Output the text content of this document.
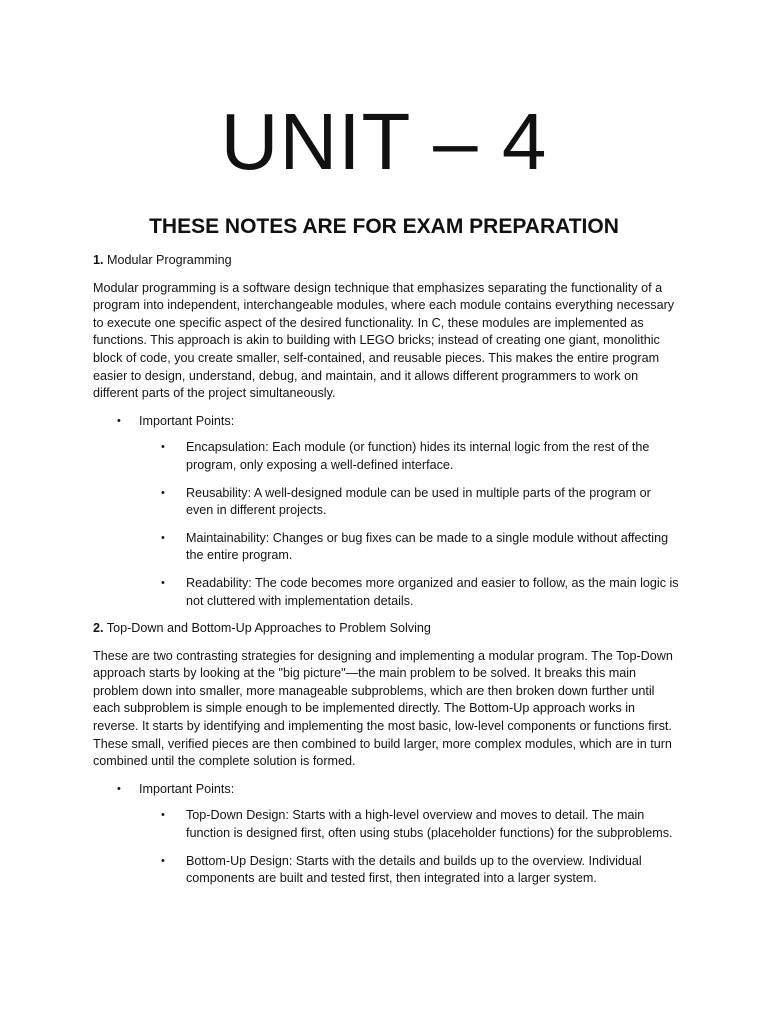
UNIT – 4
THESE NOTES ARE FOR EXAM PREPARATION

1. Modular Programming

Modular programming is a software design technique that emphasizes separating the functionality of a program into independent, interchangeable modules, where each module contains everything necessary to execute one specific aspect of the desired functionality. In C, these modules are implemented as functions. This approach is akin to building with LEGO bricks; instead of creating one giant, monolithic block of code, you create smaller, self-contained, and reusable pieces. This makes the entire program easier to design, understand, debug, and maintain, and it allows different programmers to work on different parts of the project simultaneously.

• Important Points:
• Encapsulation: Each module (or function) hides its internal logic from the rest of the program, only exposing a well-defined interface.
• Reusability: A well-designed module can be used in multiple parts of the program or even in different projects.
• Maintainability: Changes or bug fixes can be made to a single module without affecting the entire program.
• Readability: The code becomes more organized and easier to follow, as the main logic is not cluttered with implementation details.

2. Top-Down and Bottom-Up Approaches to Problem Solving

These are two contrasting strategies for designing and implementing a modular program. The Top-Down approach starts by looking at the "big picture"—the main problem to be solved. It breaks this main problem down into smaller, more manageable subproblems, which are then broken down further until each subproblem is simple enough to be implemented directly. The Bottom-Up approach works in reverse. It starts by identifying and implementing the most basic, low-level components or functions first. These small, verified pieces are then combined to build larger, more complex modules, which are in turn combined until the complete solution is formed.

• Important Points:
• Top-Down Design: Starts with a high-level overview and moves to detail. The main function is designed first, often using stubs (placeholder functions) for the subproblems.
• Bottom-Up Design: Starts with the details and builds up to the overview. Individual components are built and tested first, then integrated into a larger system.
